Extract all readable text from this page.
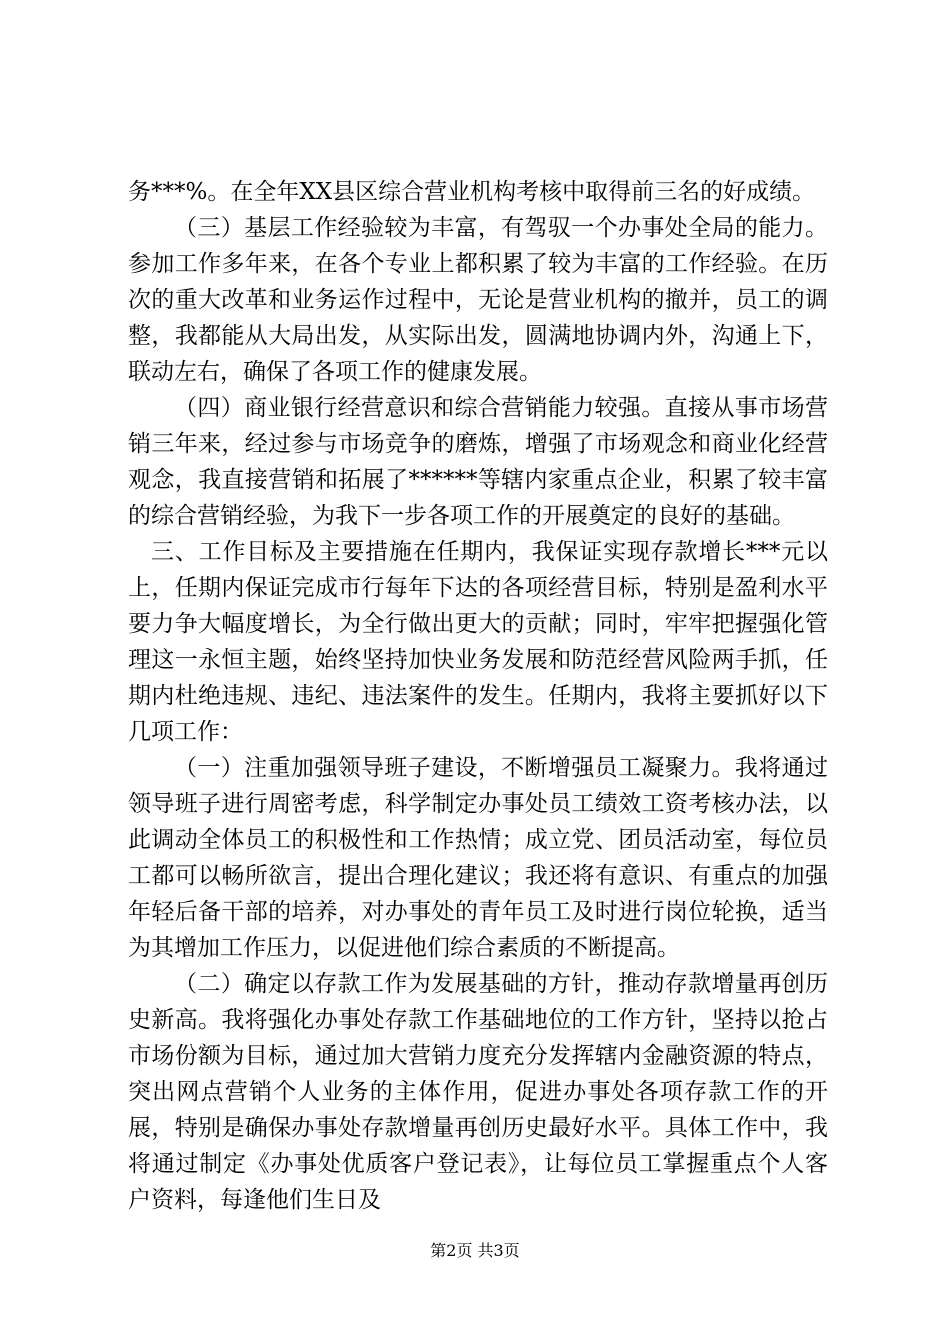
务***%。在全年XX县区综合营业机构考核中取得前三名的好成绩。

（三）基层工作经验较为丰富，有驾驭一个办事处全局的能力。参加工作多年来，在各个专业上都积累了较为丰富的工作经验。在历次的重大改革和业务运作过程中，无论是营业机构的撤并，员工的调整，我都能从大局出发，从实际出发，圆满地协调内外，沟通上下，联动左右，确保了各项工作的健康发展。

（四）商业银行经营意识和综合营销能力较强。直接从事市场营销三年来，经过参与市场竞争的磨炼，增强了市场观念和商业化经营观念，我直接营销和拓展了******等辖内家重点企业，积累了较丰富的综合营销经验，为我下一步各项工作的开展奠定的良好的基础。

三、工作目标及主要措施在任期内，我保证实现存款增长***元以上，任期内保证完成市行每年下达的各项经营目标，特别是盈利水平要力争大幅度增长，为全行做出更大的贡献；同时，牢牢把握强化管理这一永恒主题，始终坚持加快业务发展和防范经营风险两手抓，任期内杜绝违规、违纪、违法案件的发生。任期内，我将主要抓好以下几项工作：

（一）注重加强领导班子建设，不断增强员工凝聚力。我将通过领导班子进行周密考虑，科学制定办事处员工绩效工资考核办法，以此调动全体员工的积极性和工作热情；成立党、团员活动室，每位员工都可以畅所欲言，提出合理化建议；我还将有意识、有重点的加强年轻后备干部的培养，对办事处的青年员工及时进行岗位轮换，适当为其增加工作压力，以促进他们综合素质的不断提高。

（二）确定以存款工作为发展基础的方针，推动存款增量再创历史新高。我将强化办事处存款工作基础地位的工作方针，坚持以抢占市场份额为目标，通过加大营销力度充分发挥辖内金融资源的特点，突出网点营销个人业务的主体作用，促进办事处各项存款工作的开展，特别是确保办事处存款增量再创历史最好水平。具体工作中，我将通过制定《办事处优质客户登记表》，让每位员工掌握重点个人客户资料，每逢他们生日及

第2页 共3页
